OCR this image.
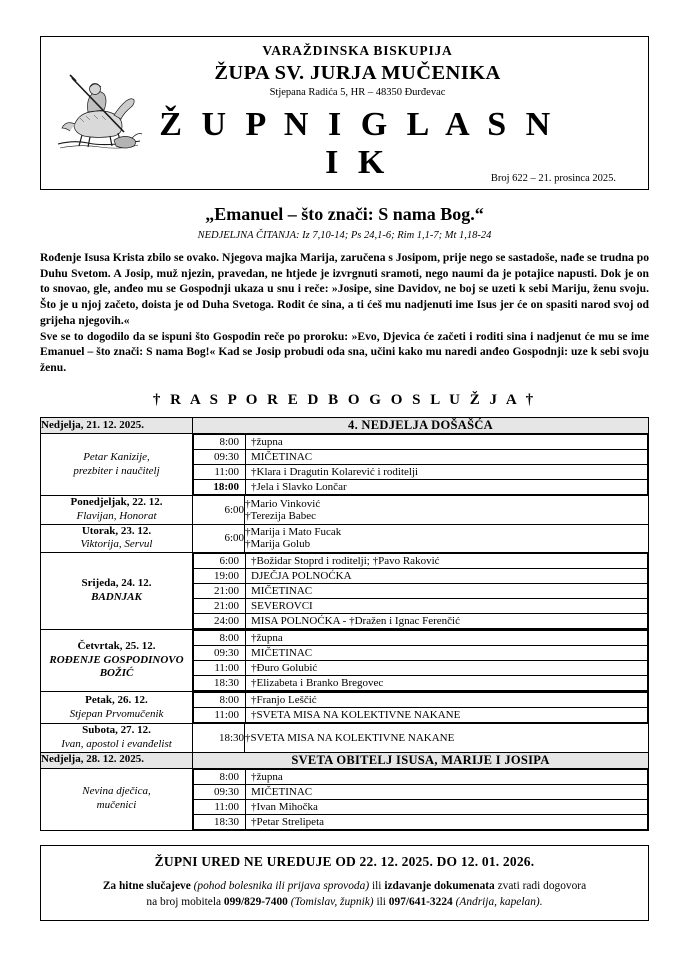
VARAŽDINSKA BISKUPIJA
ŽUPA SV. JURJA MUČENIKA
Stjepana Radića 5, HR – 48350 Đurđevac
Ž U P N I G L A S N I K	Broj 622 – 21. prosinca 2025.
„Emanuel – što znači: S nama Bog.“
NEDJELJNA ČITANJA: Iz 7,10-14; Ps 24,1-6; Rim 1,1-7; Mt 1,18-24

Rođenje Isusa Krista zbilo se ovako. Njegova majka Marija, zaručena s Josipom, prije nego se sastadoše, nađe se trudna po Duhu Svetom. A Josip, muž njezin, pravedan, ne htjede je izvrgnuti sramoti, nego naumi da je potajice napusti. Dok je on to snovao, gle, anđeo mu se Gospodnji ukaza u snu i reče: »Josipe, sine Davidov, ne boj se uzeti k sebi Mariju, ženu svoju. Što je u njoj začeto, doista je od Duha Svetoga. Rodit će sina, a ti ćeš mu nadjenuti ime Isus jer će on spasiti narod svoj od grijeha njegovih.«

Sve se to dogodilo da se ispuni što Gospodin reče po proroku: »Evo, Djevica će začeti i roditi sina i nadjenut će mu se ime Emanuel – što znači: S nama Bog!« Kad se Josip probudi oda sna, učini kako mu naredi anđeo Gospodnji: uze k sebi svoju ženu.

† R A S P O R E D B O G O S L U Ž J A †
Nedjelja, 21. 12. 2025.	4. NEDJELJA DOŠAŠĆA

Petar Kanizije,
prezbiter i naučitelj

8:00	†župna
09:30	MIČETINAC
11:00	†Klara i Dragutin Kolarević i roditelji
18:00	†Jela i Slavko Lončar

Ponedjeljak, 22. 12.
Flavijan, Honorat	6:00	†Mario Vinković
†Terezija Babec

Utorak, 23. 12.
Viktorija, Servul	6:00	†Marija i Mato Fucak
†Marija Golub

Srijeda, 24. 12.
BADNJAK

6:00	†Božidar Stoprd i roditelji; †Pavo Raković
19:00	DJEČJA POLNOĆKA
21:00	MIČETINAC
21:00	SEVEROVCI
24:00	MISA POLNOĆKA - †Dražen i Ignac Ferenčić

Četvrtak, 25. 12.
ROĐENJE GOSPODINOVO
BOŽIĆ

8:00	†župna
09:30	MIČETINAC
11:00	†Đuro Golubić
18:30	†Elizabeta i Branko Bregovec

Petak, 26. 12.
Stjepan Prvomučenik

8:00	†Franjo Leščić
11:00	†SVETA MISA NA KOLEKTIVNE NAKANE

Subota, 27. 12.
Ivan, apostol i evanđelist	18:30	†SVETA MISA NA KOLEKTIVNE NAKANE
Nedjelja, 28. 12. 2025.	SVETA OBITELJ ISUSA, MARIJE I JOSIPA

Nevina dječica,
mučenici

8:00	†župna
09:30	MIČETINAC
11:00	†Ivan Mihočka
18:30	†Petar Strelipeta
ŽUPNI URED NE UREDUJE OD 22. 12. 2025. DO 12. 01. 2026.
Za hitne slučajeve (pohod bolesnika ili prijava sprovoda) ili izdavanje dokumenata zvati radi dogovora
na broj mobitela 099/829-7400 (Tomislav, župnik) ili 097/641-3224 (Andrija, kapelan).
